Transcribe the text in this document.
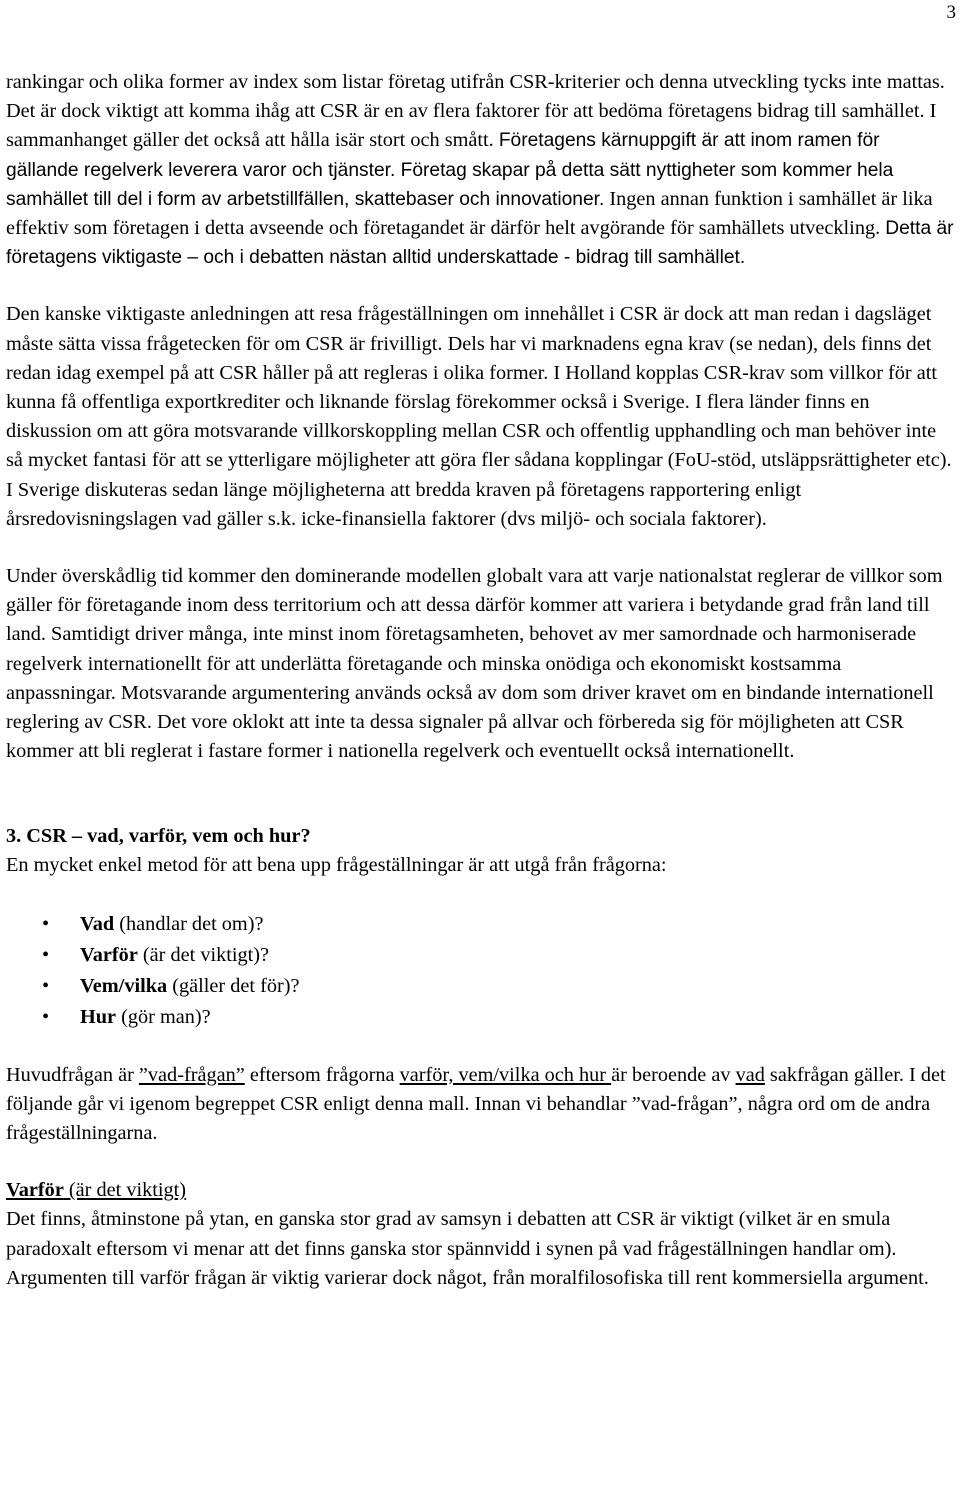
3

rankingar och olika former av index som listar företag utifrån CSR-kriterier och denna utveckling tycks inte mattas. Det är dock viktigt att komma ihåg att CSR är en av flera faktorer för att bedöma företagens bidrag till samhället. I sammanhanget gäller det också att hålla isär stort och smått. Företagens kärnuppgift är att inom ramen för gällande regelverk leverera varor och tjänster. Företag skapar på detta sätt nyttigheter som kommer hela samhället till del i form av arbetstillfällen, skattebaser och innovationer. Ingen annan funktion i samhället är lika effektiv som företagen i detta avseende och företagandet är därför helt avgörande för samhällets utveckling. Detta är företagens viktigaste – och i debatten nästan alltid underskattade - bidrag till samhället.

Den kanske viktigaste anledningen att resa frågeställningen om innehållet i CSR är dock att man redan i dagsläget måste sätta vissa frågetecken för om CSR är frivilligt. Dels har vi marknadens egna krav (se nedan), dels finns det redan idag exempel på att CSR håller på att regleras i olika former. I Holland kopplas CSR-krav som villkor för att kunna få offentliga exportkrediter och liknande förslag förekommer också i Sverige. I flera länder finns en diskussion om att göra motsvarande villkorskoppling mellan CSR och offentlig upphandling och man behöver inte så mycket fantasi för att se ytterligare möjligheter att göra fler sådana kopplingar (FoU-stöd, utsläppsrättigheter etc). I Sverige diskuteras sedan länge möjligheterna att bredda kraven på företagens rapportering enligt årsredovisningslagen vad gäller s.k. icke-finansiella faktorer (dvs miljö- och sociala faktorer).

Under överskådlig tid kommer den dominerande modellen globalt vara att varje nationalstat reglerar de villkor som gäller för företagande inom dess territorium och att dessa därför kommer att variera i betydande grad från land till land. Samtidigt driver många, inte minst inom företagsamheten, behovet av mer samordnade och harmoniserade regelverk internationellt för att underlätta företagande och minska onödiga och ekonomiskt kostsamma anpassningar. Motsvarande argumentering används också av dom som driver kravet om en bindande internationell reglering av CSR. Det vore oklokt att inte ta dessa signaler på allvar och förbereda sig för möjligheten att CSR kommer att bli reglerat i fastare former i nationella regelverk och eventuellt också internationellt.

3. CSR – vad, varför, vem och hur?

En mycket enkel metod för att bena upp frågeställningar är att utgå från frågorna:

• Vad (handlar det om)?
• Varför (är det viktigt)?
• Vem/vilka (gäller det för)?
• Hur (gör man)?

Huvudfrågan är ”vad-frågan” eftersom frågorna varför, vem/vilka och hur är beroende av vad sakfrågan gäller. I det följande går vi igenom begreppet CSR enligt denna mall. Innan vi behandlar ”vad-frågan”, några ord om de andra frågeställningarna.

Varför (är det viktigt)

Det finns, åtminstone på ytan, en ganska stor grad av samsyn i debatten att CSR är viktigt (vilket är en smula paradoxalt eftersom vi menar att det finns ganska stor spännvidd i synen på vad frågeställningen handlar om). Argumenten till varför frågan är viktig varierar dock något, från moralfilosofiska till rent kommersiella argument.
